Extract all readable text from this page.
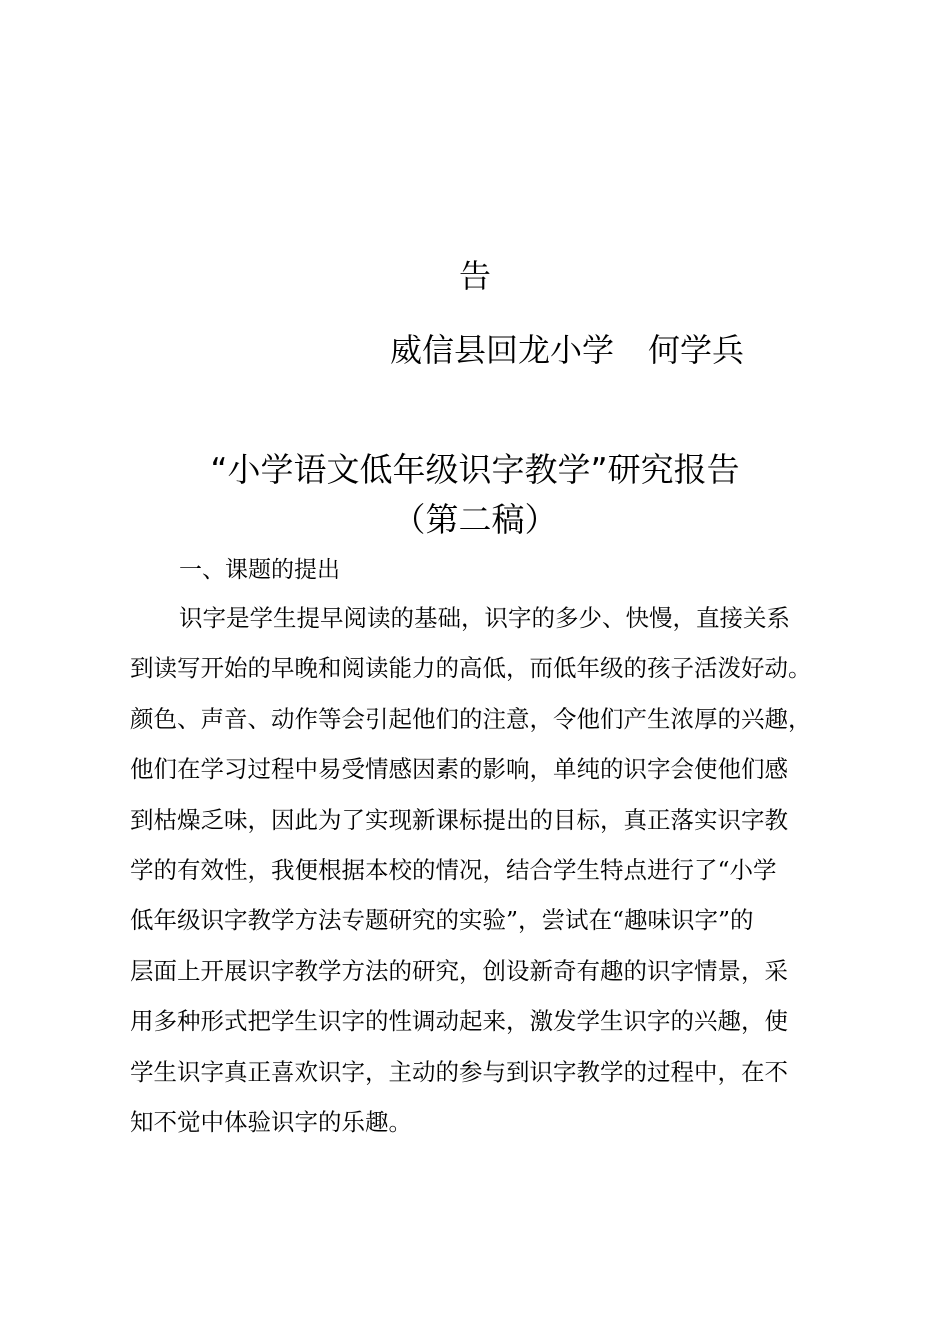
告
威信县回龙小学 何学兵
“小学语文低年级识字教学”研究报告
（第二稿）
一、课题的提出
识字是学生提早阅读的基础，识字的多少、快慢，直接关系
到读写开始的早晚和阅读能力的高低，而低年级的孩子活泼好动。
颜色、声音、动作等会引起他们的注意，令他们产生浓厚的兴趣，
他们在学习过程中易受情感因素的影响，单纯的识字会使他们感
到枯燥乏味，因此为了实现新课标提出的目标，真正落实识字教
学的有效性，我便根据本校的情况，结合学生特点进行了“小学
低年级识字教学方法专题研究的实验”，尝试在“趣味识字”的
层面上开展识字教学方法的研究，创设新奇有趣的识字情景，采
用多种形式把学生识字的性调动起来，激发学生识字的兴趣，使
学生识字真正喜欢识字，主动的参与到识字教学的过程中，在不
知不觉中体验识字的乐趣。
